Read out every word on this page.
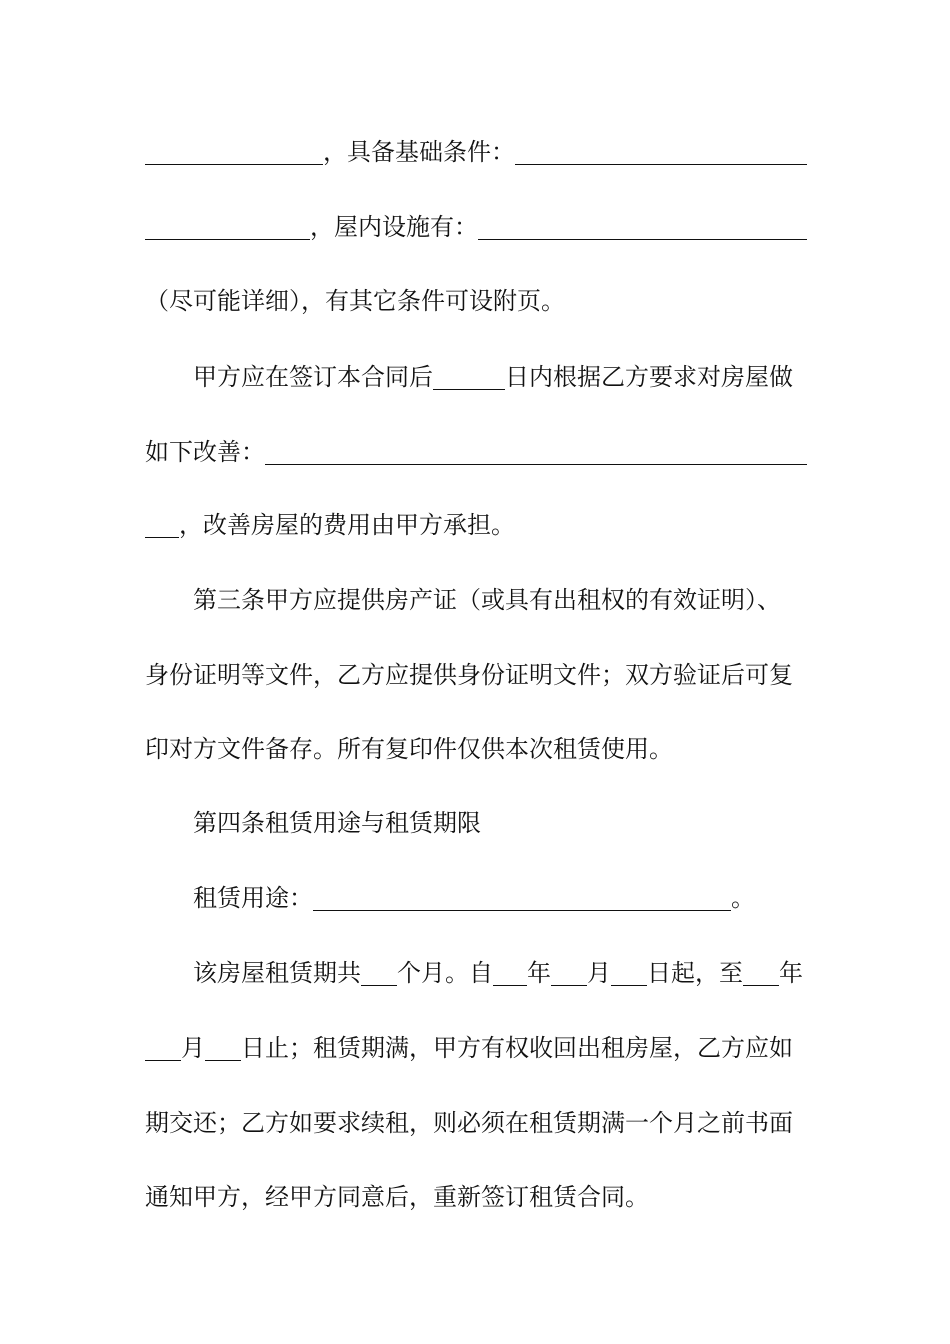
，具备基础条件：
，屋内设施有：
（尽可能详细），有其它条件可设附页。
甲方应在签订本合同后	日内根据乙方要求对房屋做
如下改善：
，改善房屋的费用由甲方承担。
第三条甲方应提供房产证（或具有出租权的有效证明）、
身份证明等文件，乙方应提供身份证明文件；双方验证后可复
印对方文件备存。所有复印件仅供本次租赁使用。
第四条租赁用途与租赁期限
租赁用途：	。
该房屋租赁期共 个月。自 年 月 日起，至 年
月 日止；租赁期满，甲方有权收回出租房屋，乙方应如
期交还；乙方如要求续租，则必须在租赁期满一个月之前书面
通知甲方，经甲方同意后，重新签订租赁合同。
